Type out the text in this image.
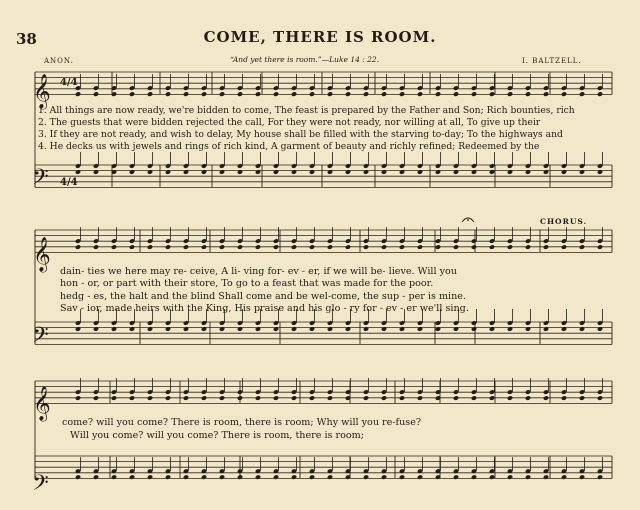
38	COME, THERE IS ROOM.
ANON.	“And yet there is room.”—Luke 14 : 22.	I. BALTZELL.
𝄞
𝄢
𝄞
𝄢
𝄞
𝄢
4/4
4/4
CHORUS.
1. All things are now ready, we're bidden to come, The feast is prepared by the Father and Son; Rich bounties, rich
2. The guests that were bidden rejected the call, For they were not ready, nor willing at all, To give up their
3. If they are not ready, and wish to delay, My house shall be filled with the starving to-day; To the highways and
4. He decks us with jewels and rings of rich kind, A garment of beauty and richly refined; Redeemed by the
dain- ties we here may re- ceive, A li- ving for- ev - er, if we will be- lieve. Will you
hon - or, or part with their store, To go to a feast that was made for the poor.
hedg - es, the halt and the blind Shall come and be wel-come, the sup - per is mine.
Sav - ior, made heirs with the King, His praise and his glo - ry for - ev - er we'll sing.
come? will you come? There is room, there is room; Why will you re-fuse?
Will you come? will you come? There is room, there is room;
